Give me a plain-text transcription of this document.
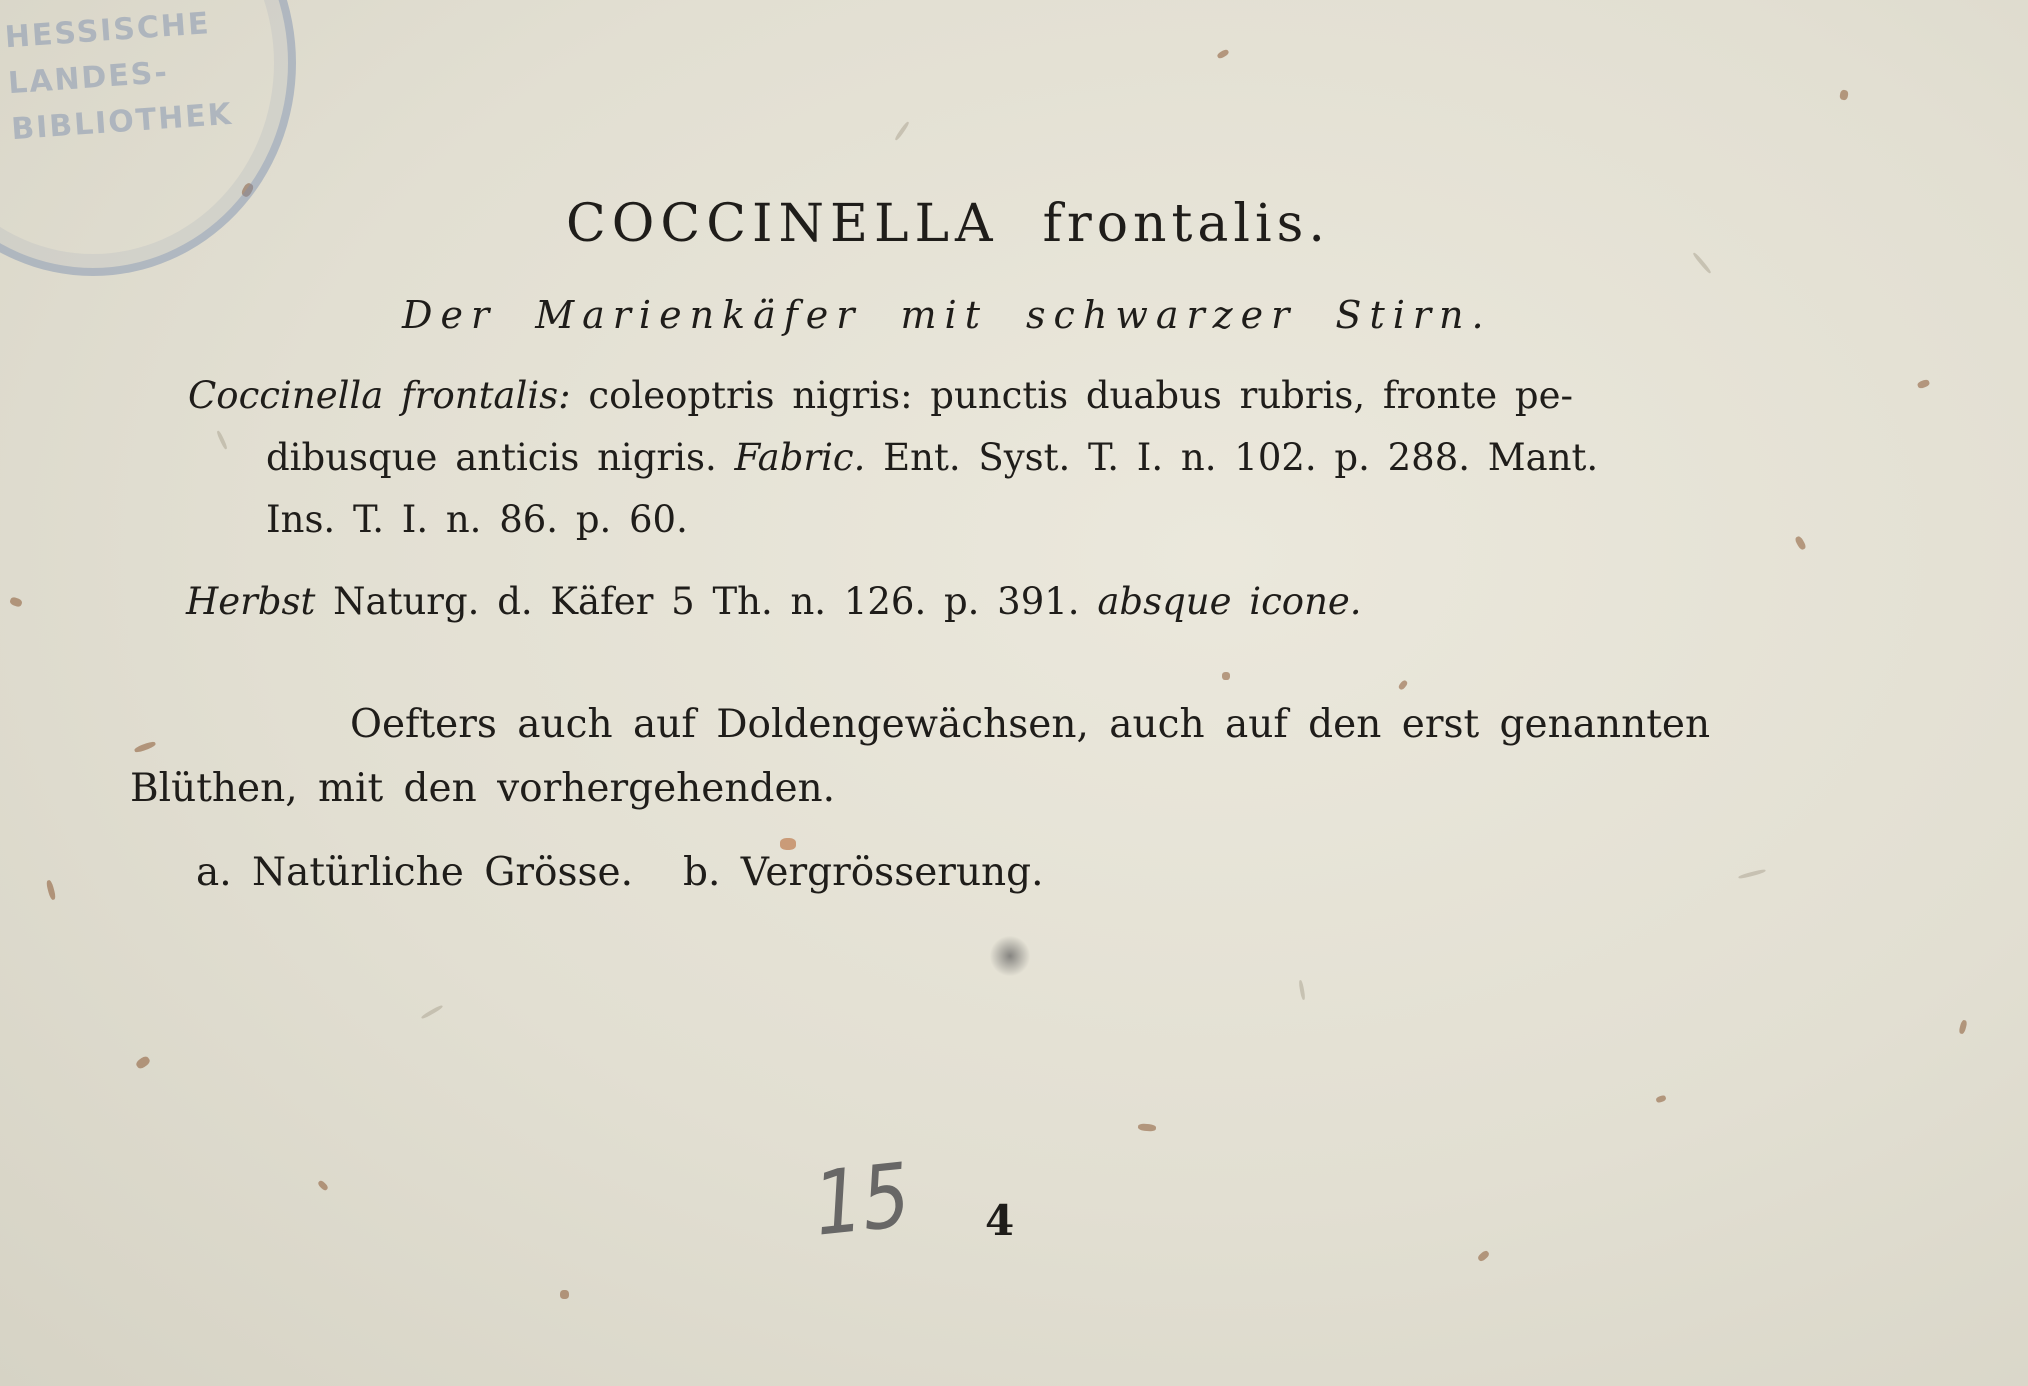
HESSISCHE
LANDES-
BIBLIOTHEK
COCCINELLA frontalis.
Der Marienkäfer mit schwarzer Stirn.
Coccinella frontalis: coleoptris nigris: punctis duabus rubris, fronte pe-
dibusque anticis nigris. Fabric. Ent. Syst. T. I. n. 102. p. 288. Mant.
Ins. T. I. n. 86. p. 60.
Herbst Naturg. d. Käfer 5 Th. n. 126. p. 391. absque icone.
Oefters auch auf Doldengewächsen, auch auf den erst genannten
Blüthen, mit den vorhergehenden.
a. Natürliche Grösse. b. Vergrösserung.
15 4
